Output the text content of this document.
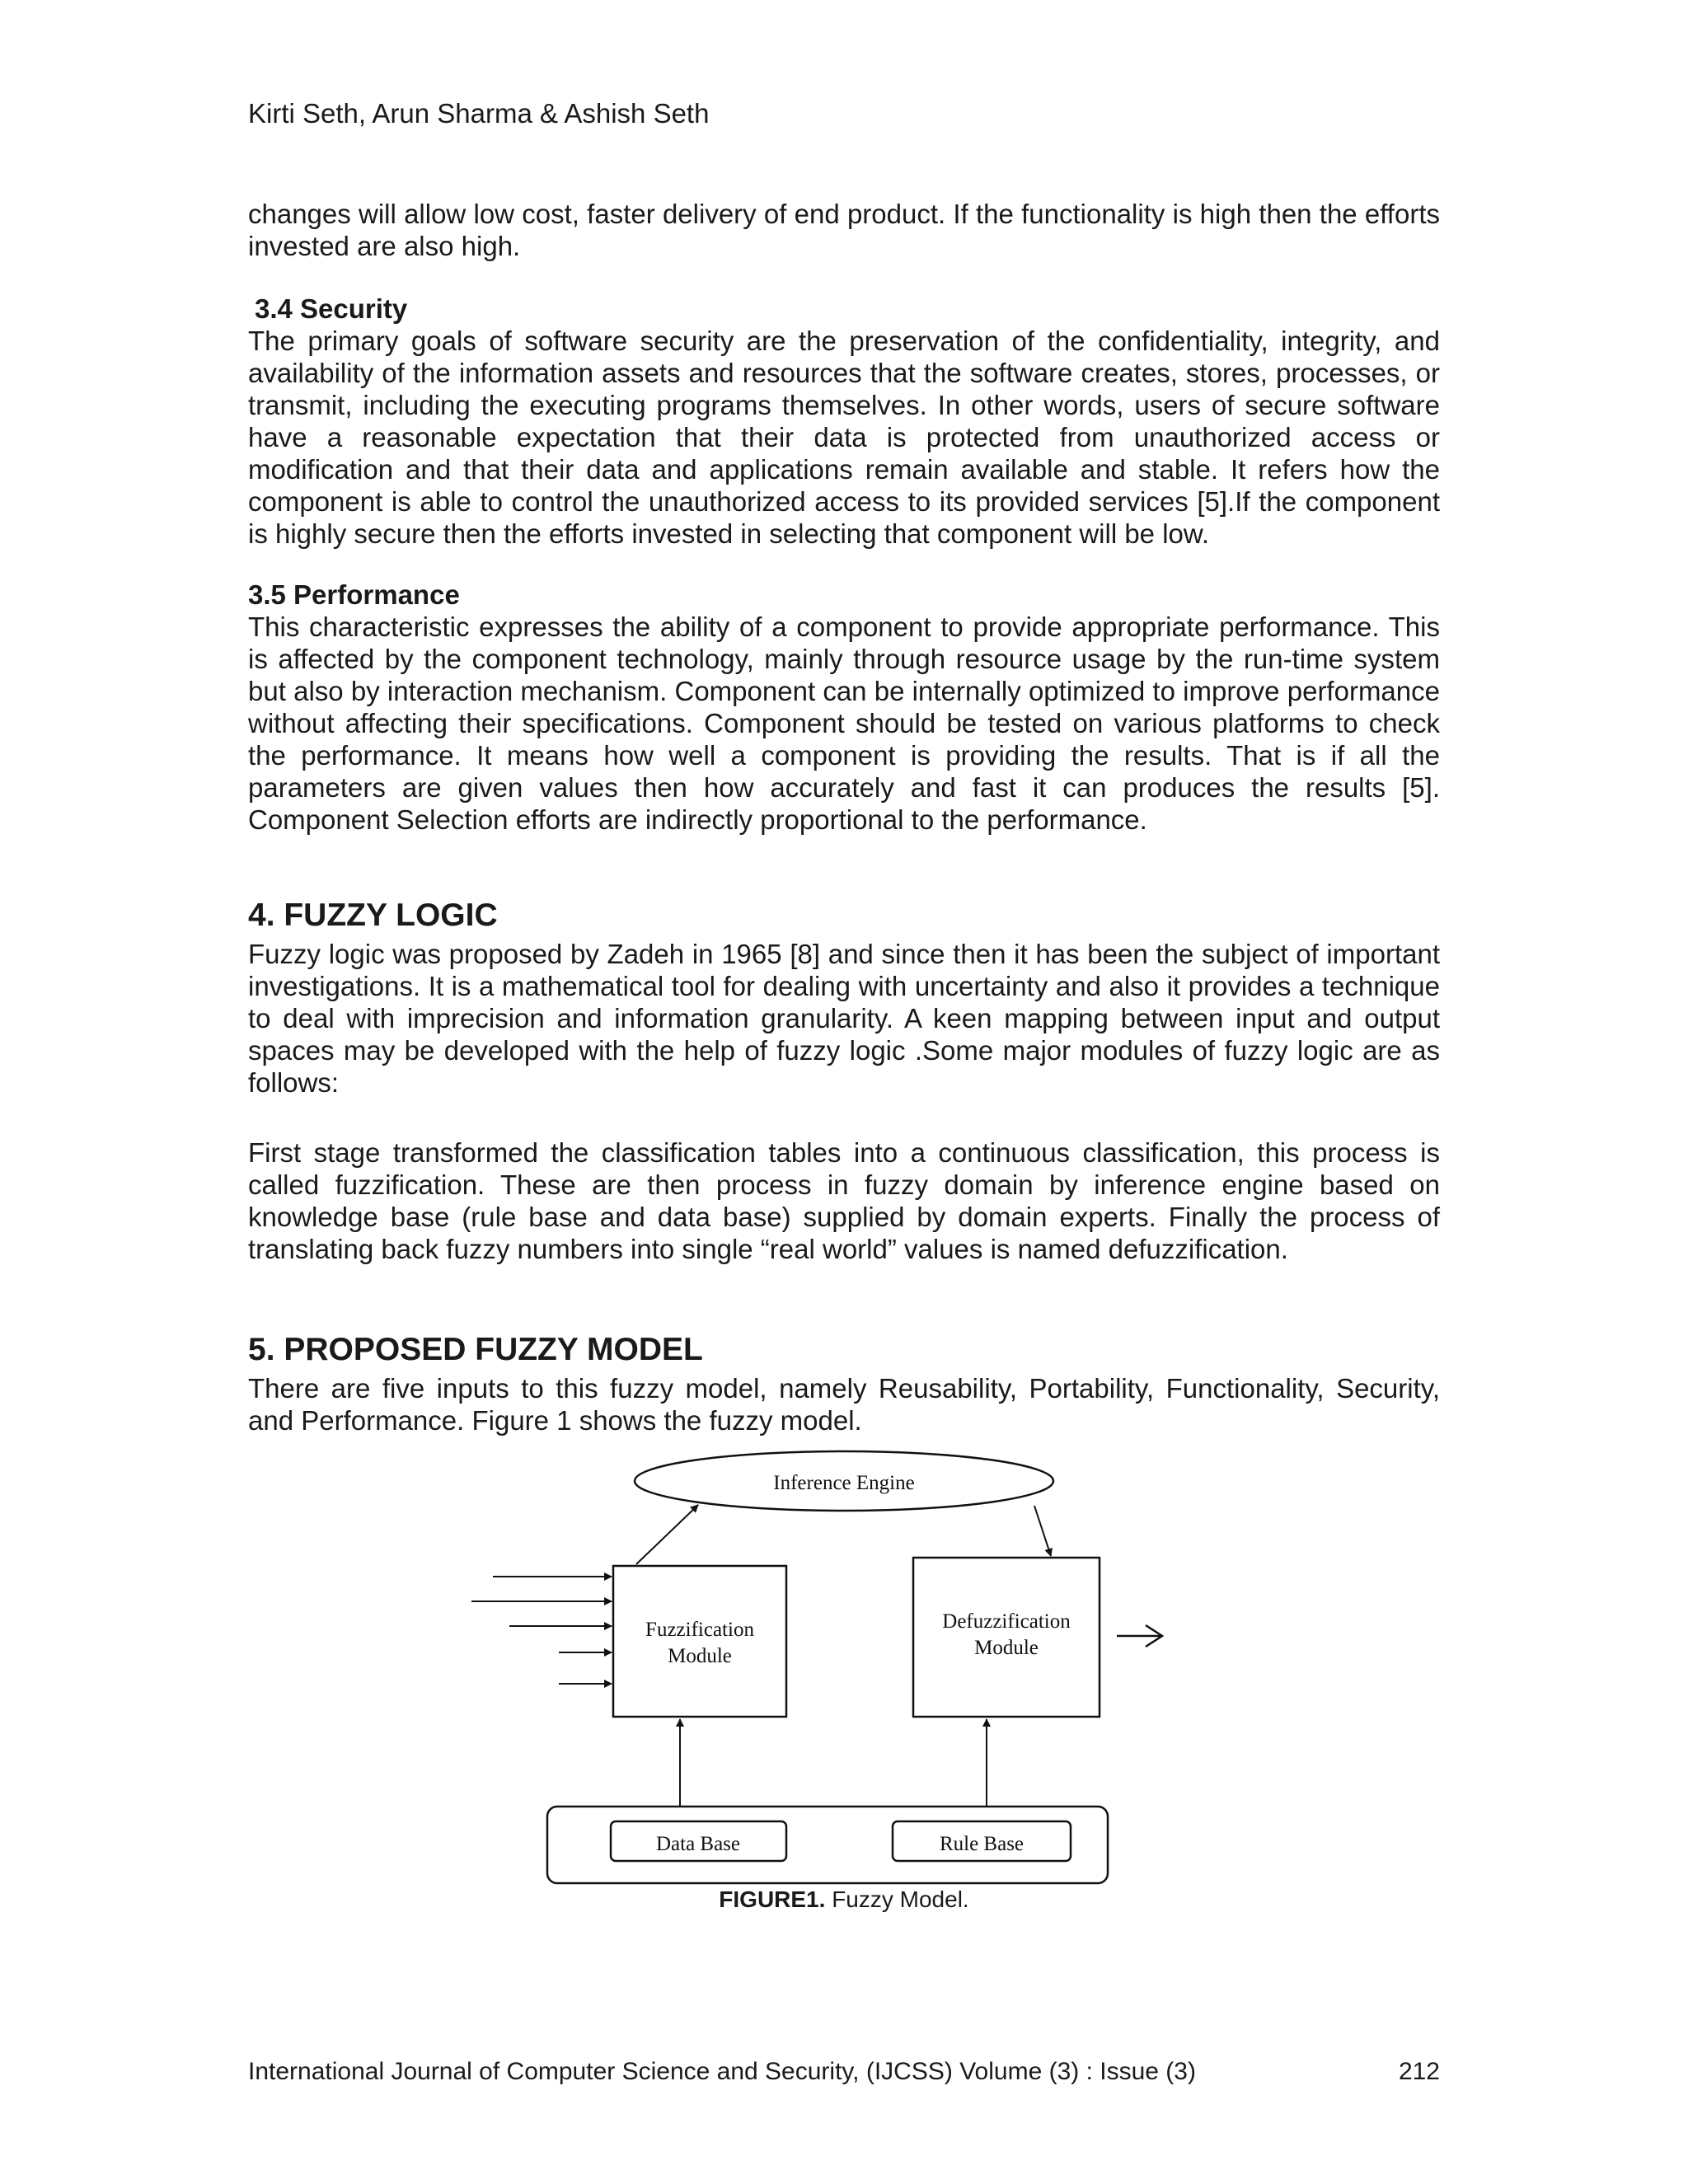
Kirti Seth, Arun Sharma & Ashish Seth

changes will allow low cost, faster delivery of end product. If the functionality is high then the efforts invested are also high.

3.4 Security

The primary goals of software security are the preservation of the confidentiality, integrity, and availability of the information assets and resources that the software creates, stores, processes, or transmit, including the executing programs themselves. In other words, users of secure software have a reasonable expectation that their data is protected from unauthorized access or modification and that their data and applications remain available and stable. It refers how the component is able to control the unauthorized access to its provided services [5].If the component is highly secure then the efforts invested in selecting that component will be low.

3.5 Performance

This characteristic expresses the ability of a component to provide appropriate performance. This is affected by the component technology, mainly through resource usage by the run-time system but also by interaction mechanism. Component can be internally optimized to improve performance without affecting their specifications. Component should be tested on various platforms to check the performance. It means how well a component is providing the results. That is if all the parameters are given values then how accurately and fast it can produces the results [5]. Component Selection efforts are indirectly proportional to the performance.

4. FUZZY LOGIC

Fuzzy logic was proposed by Zadeh in 1965 [8] and since then it has been the subject of important investigations. It is a mathematical tool for dealing with uncertainty and also it provides a technique to deal with imprecision and information granularity. A keen mapping between input and output spaces may be developed with the help of fuzzy logic .Some major modules of fuzzy logic are as follows:

First stage transformed the classification tables into a continuous classification, this process is called fuzzification. These are then process in fuzzy domain by inference engine based on knowledge base (rule base and data base) supplied by domain experts. Finally the process of translating back fuzzy numbers into single “real world” values is named defuzzification.

5. PROPOSED FUZZY MODEL

There are five inputs to this fuzzy model, namely Reusability, Portability, Functionality, Security, and Performance. Figure 1 shows the fuzzy model.

Inference Engine
Fuzzification
Module
Defuzzification
Module
Data Base	Rule Base
FIGURE1. Fuzzy Model.
International Journal of Computer Science and Security, (IJCSS) Volume (3) : Issue (3)	212
